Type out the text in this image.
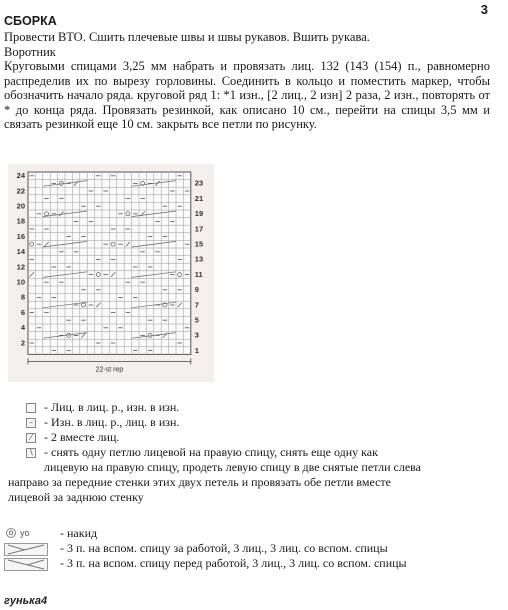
3
СБОРКА
Провести ВТО. Сшить плечевые швы и швы рукавов. Вшить рукава.
Воротник
Круговыми спицами 3,25 мм набрать и провязать лиц. 132 (143 (154) п., равномерно распределив их по вырезу горловины. Соединить в кольцо и поместить маркер, чтобы обозначить начало ряда. круговой ряд 1: *1 изн., [2 лиц., 2 изн] 2 раза, 2 изн., повторять от * до конца ряда. Провязать резинкой, как описано 10 см., перейти на спицы 3,5 мм и связать резинкой еще 10 см. закрыть все петли по рисунку.
23
21
19
17
15
13
11
9
7
5
3
1
24
22
20
18
16
14
12
10
8
6
4
2
22-st rep
- Лиц. в лиц. р., изн. в изн.
– - Изн. в лиц. р., лиц. в изн.
⁄	- 2 вместе лиц.
∖ - снять одну петлю лицевой на правую спицу, снять еще одну как
лицевую на правую спицу, продеть левую спицу в две снятые петли слева
направо за передние стенки этих двух петель и провязать обе петли вместе
лицевой за заднюю стенку
o yo	- накид
- 3 п. на вспом. спицу за работой, 3 лиц., 3 лиц. со вспом. спицы
- 3 п. на вспом. спицу перед работой, 3 лиц., 3 лиц. со вспом. спицы
гунька4
